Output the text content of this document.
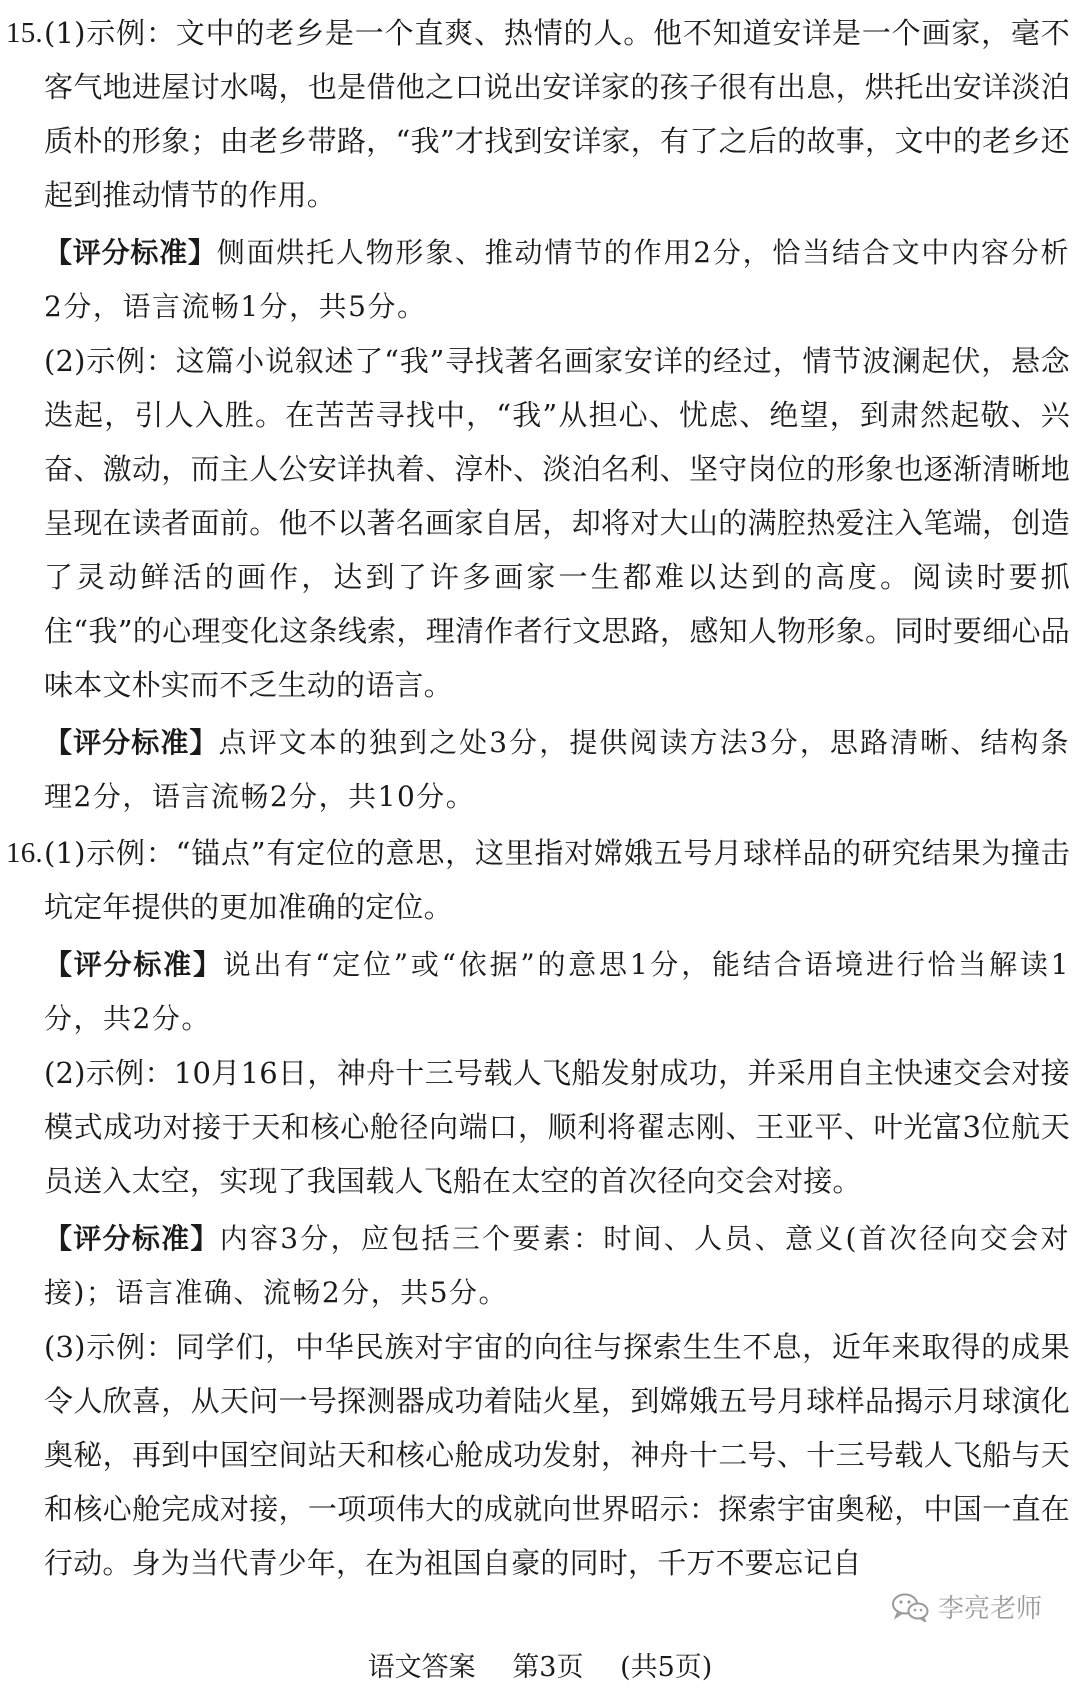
15. (1)示例：文中的老乡是一个直爽、热情的人。他不知道安详是一个画家，毫不客气地进屋讨水喝，也是借他之口说出安详家的孩子很有出息，烘托出安详淡泊质朴的形象；由老乡带路，“我”才找到安详家，有了之后的故事，文中的老乡还起到推动情节的作用。

【评分标准】侧面烘托人物形象、推动情节的作用2分，恰当结合文中内容分析2分，语言流畅1分，共5分。

(2)示例：这篇小说叙述了“我”寻找著名画家安详的经过，情节波澜起伏，悬念迭起，引人入胜。在苦苦寻找中，“我”从担心、忧虑、绝望，到肃然起敬、兴奋、激动，而主人公安详执着、淳朴、淡泊名利、坚守岗位的形象也逐渐清晰地呈现在读者面前。他不以著名画家自居，却将对大山的满腔热爱注入笔端，创造了灵动鲜活的画作，达到了许多画家一生都难以达到的高度。阅读时要抓住“我”的心理变化这条线索，理清作者行文思路，感知人物形象。同时要细心品味本文朴实而不乏生动的语言。

【评分标准】点评文本的独到之处3分，提供阅读方法3分，思路清晰、结构条理2分，语言流畅2分，共10分。

16. (1)示例：“锚点”有定位的意思，这里指对嫦娥五号月球样品的研究结果为撞击坑定年提供的更加准确的定位。

【评分标准】说出有“定位”或“依据”的意思1分，能结合语境进行恰当解读1分，共2分。

(2)示例：10月16日，神舟十三号载人飞船发射成功，并采用自主快速交会对接模式成功对接于天和核心舱径向端口，顺利将翟志刚、王亚平、叶光富3位航天员送入太空，实现了我国载人飞船在太空的首次径向交会对接。

【评分标准】内容3分，应包括三个要素：时间、人员、意义(首次径向交会对接)；语言准确、流畅2分，共5分。

(3)示例：同学们，中华民族对宇宙的向往与探索生生不息，近年来取得的成果令人欣喜，从天问一号探测器成功着陆火星，到嫦娥五号月球样品揭示月球演化奥秘，再到中国空间站天和核心舱成功发射，神舟十二号、十三号载人飞船与天和核心舱完成对接，一项项伟大的成就向世界昭示：探索宇宙奥秘，中国一直在行动。身为当代青少年，在为祖国自豪的同时，千万不要忘记自

李亮老师
语文答案 第3页 (共5页)
